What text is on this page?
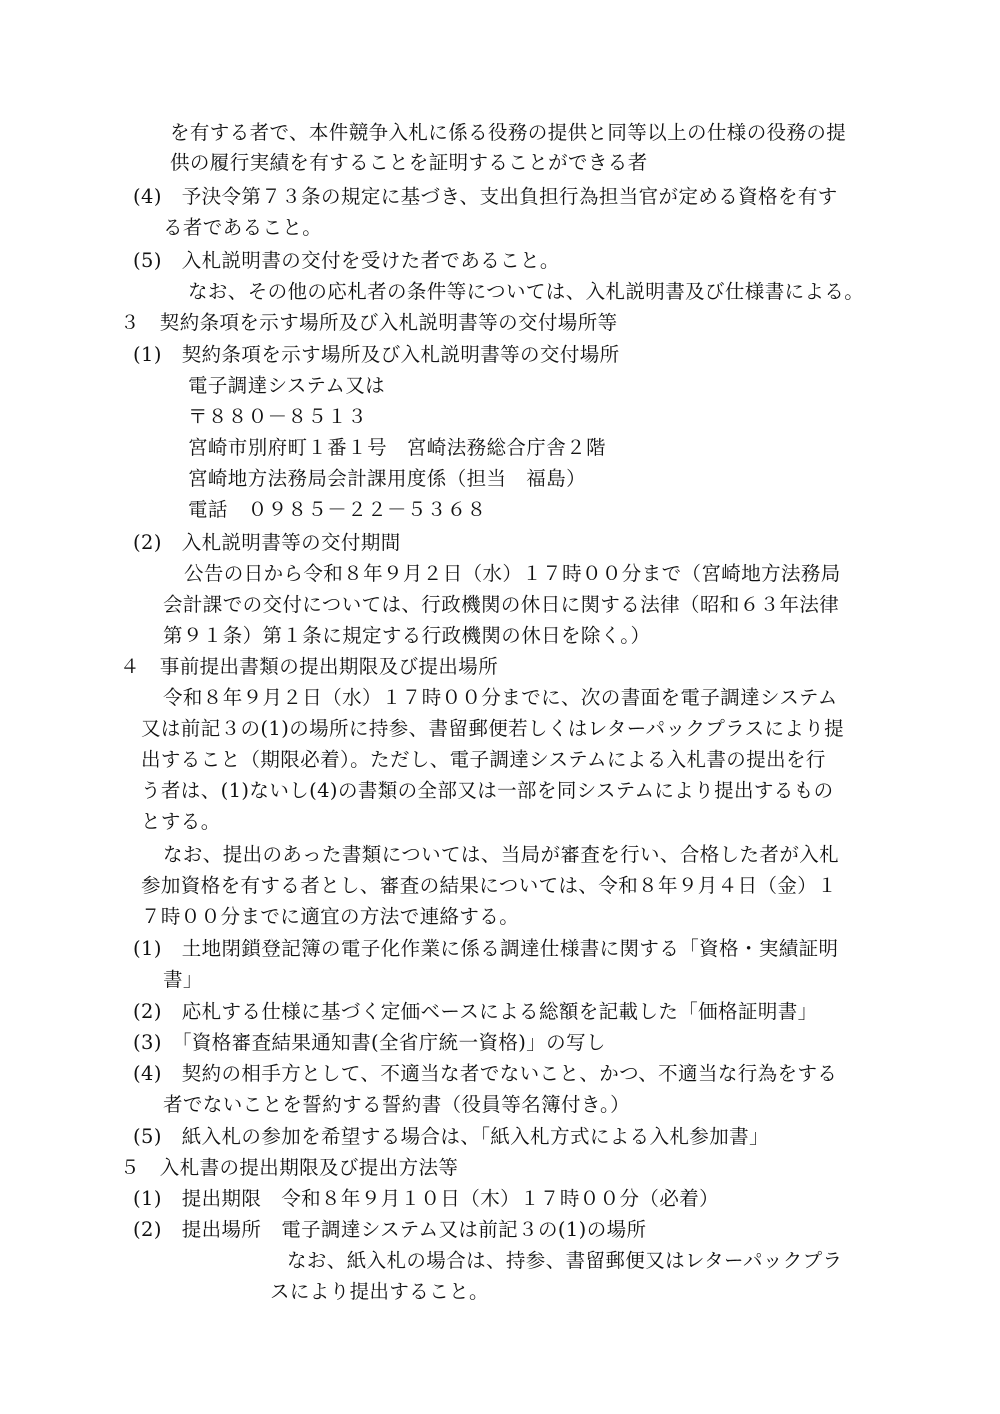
を有する者で、本件競争入札に係る役務の提供と同等以上の仕様の役務の提
供の履行実績を有することを証明することができる者
(4)　予決令第７３条の規定に基づき、支出負担行為担当官が定める資格を有す
る者であること。
(5)　入札説明書の交付を受けた者であること。
なお、その他の応札者の条件等については、入札説明書及び仕様書による。
３　契約条項を示す場所及び入札説明書等の交付場所等
(1)　契約条項を示す場所及び入札説明書等の交付場所
電子調達システム又は
〒８８０－８５１３
宮崎市別府町１番１号　宮崎法務総合庁舎２階
宮崎地方法務局会計課用度係（担当　福島）
電話　０９８５－２２－５３６８
(2)　入札説明書等の交付期間
公告の日から令和８年９月２日（水）１７時００分まで（宮崎地方法務局
会計課での交付については、行政機関の休日に関する法律（昭和６３年法律
第９１条）第１条に規定する行政機関の休日を除く。）
４　事前提出書類の提出期限及び提出場所
令和８年９月２日（水）１７時００分までに、次の書面を電子調達システム
又は前記３の(1)の場所に持参、書留郵便若しくはレターパックプラスにより提
出すること（期限必着）。ただし、電子調達システムによる入札書の提出を行
う者は、(1)ないし(4)の書類の全部又は一部を同システムにより提出するもの
とする。
なお、提出のあった書類については、当局が審査を行い、合格した者が入札
参加資格を有する者とし、審査の結果については、令和８年９月４日（金）１
７時００分までに適宜の方法で連絡する。
(1)　土地閉鎖登記簿の電子化作業に係る調達仕様書に関する「資格・実績証明
書」
(2)　応札する仕様に基づく定価ベースによる総額を記載した「価格証明書」
(3)　「資格審査結果通知書(全省庁統一資格)」の写し
(4)　契約の相手方として、不適当な者でないこと、かつ、不適当な行為をする
者でないことを誓約する誓約書（役員等名簿付き。）
(5)　紙入札の参加を希望する場合は、「紙入札方式による入札参加書」
５　入札書の提出期限及び提出方法等
(1)　提出期限　令和８年９月１０日（木）１７時００分（必着）
(2)　提出場所　電子調達システム又は前記３の(1)の場所
なお、紙入札の場合は、持参、書留郵便又はレターパックプラ
スにより提出すること。
